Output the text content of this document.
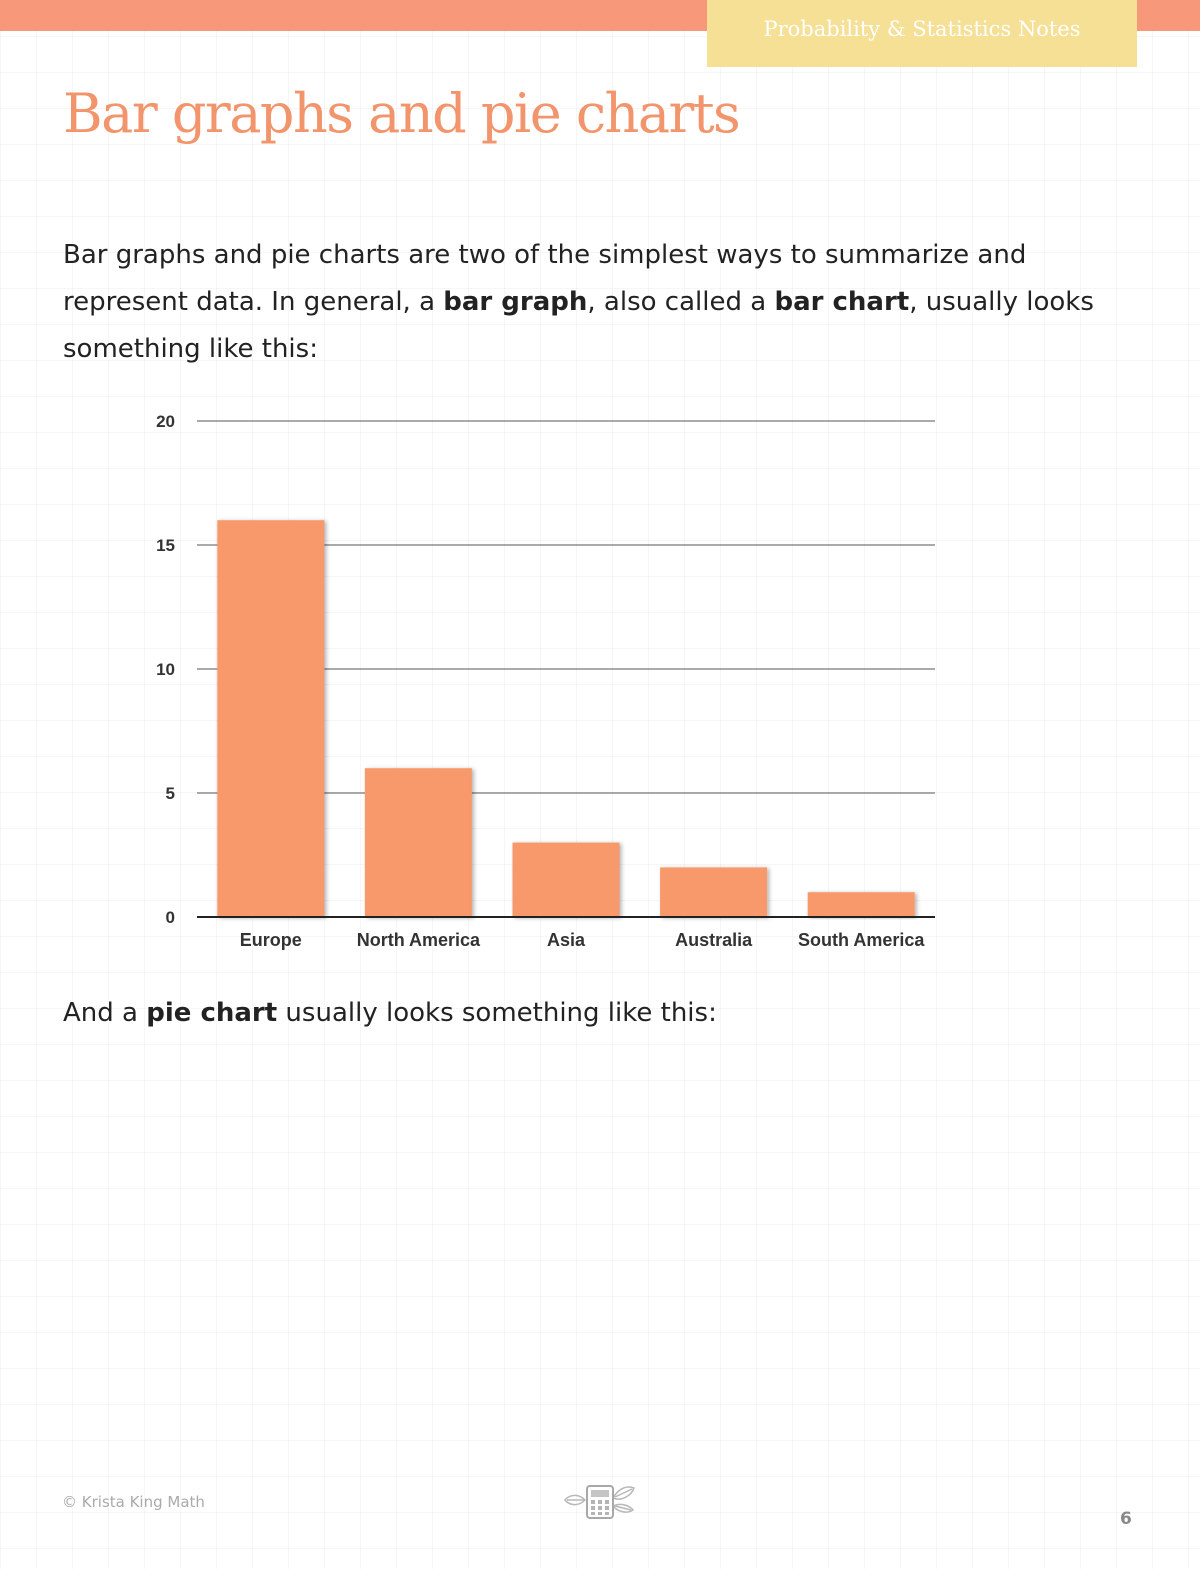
Probability & Statistics Notes
Bar graphs and pie charts

Bar graphs and pie charts are two of the simplest ways to summarize and represent data. In general, a bar graph, also called a bar chart, usually looks something like this:

0
5
10
15
20
Europe	North America	Asia	Australia	South America

And a pie chart usually looks something like this:

© Krista King Math
6
